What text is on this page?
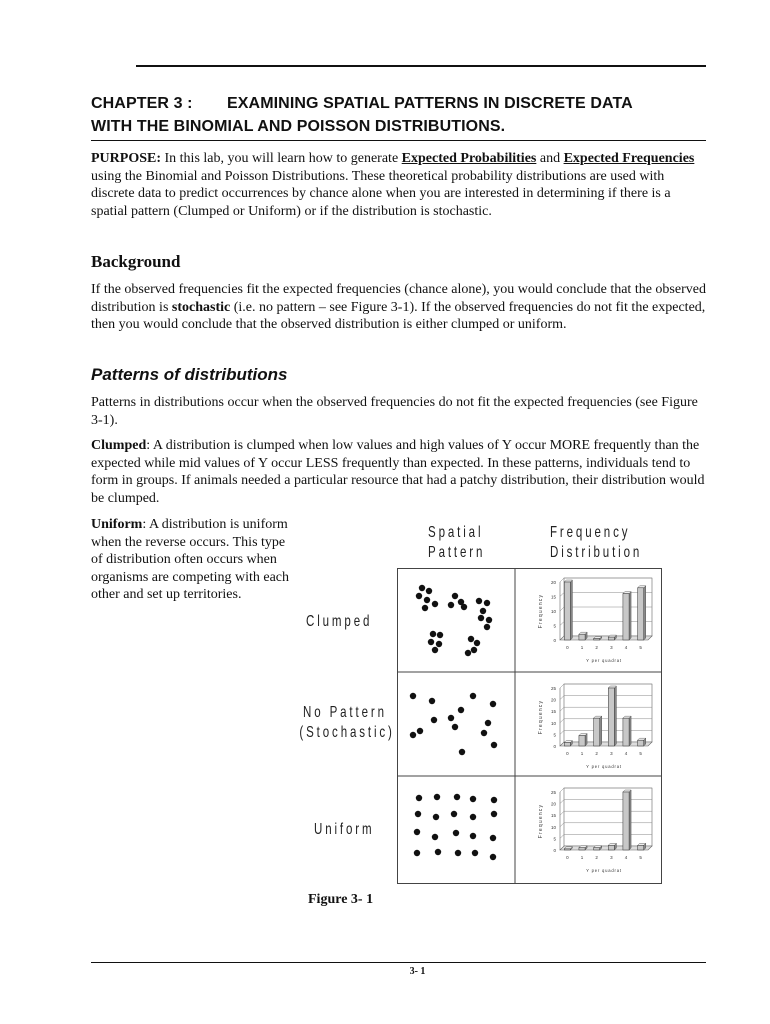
CHAPTER 3 : EXAMINING SPATIAL PATTERNS IN DISCRETE DATA
WITH THE BINOMIAL AND POISSON DISTRIBUTIONS.

PURPOSE: In this lab, you will learn how to generate Expected Probabilities and Expected Frequencies using the Binomial and Poisson Distributions. These theoretical probability distributions are used with discrete data to predict occurrences by chance alone when you are interested in determining if there is a spatial pattern (Clumped or Uniform) or if the distribution is stochastic.

Background

If the observed frequencies fit the expected frequencies (chance alone), you would conclude that the observed distribution is stochastic (i.e. no pattern – see Figure 3-1). If the observed frequencies do not fit the expected, then you would conclude that the observed distribution is either clumped or uniform.

Patterns of distributions

Patterns in distributions occur when the observed frequencies do not fit the expected frequencies (see Figure 3-1).

Clumped: A distribution is clumped when low values and high values of Y occur MORE frequently than the expected while mid values of Y occur LESS frequently than expected. In these patterns, individuals tend to form in groups. If animals needed a particular resource that had a patchy distribution, their distribution would be clumped.

Uniform: A distribution is uniform when the reverse occurs. This type of distribution often occurs when organisms are competing with each other and set up territories.

Spatial
Pattern
Frequency
Distribution
Clumped
No Pattern
(Stochastic)
Uniform
0
5
10
15
20
0	1	2	3	4	5
Y per quadrat
Frequency
0
5
10
15
20
25
0	1	2	3	4	5
Y per quadrat
Frequency
0
5
10
15
20
25
0	1	2	3	4	5
Y per quadrat
Frequency
Figure 3- 1
3- 1
